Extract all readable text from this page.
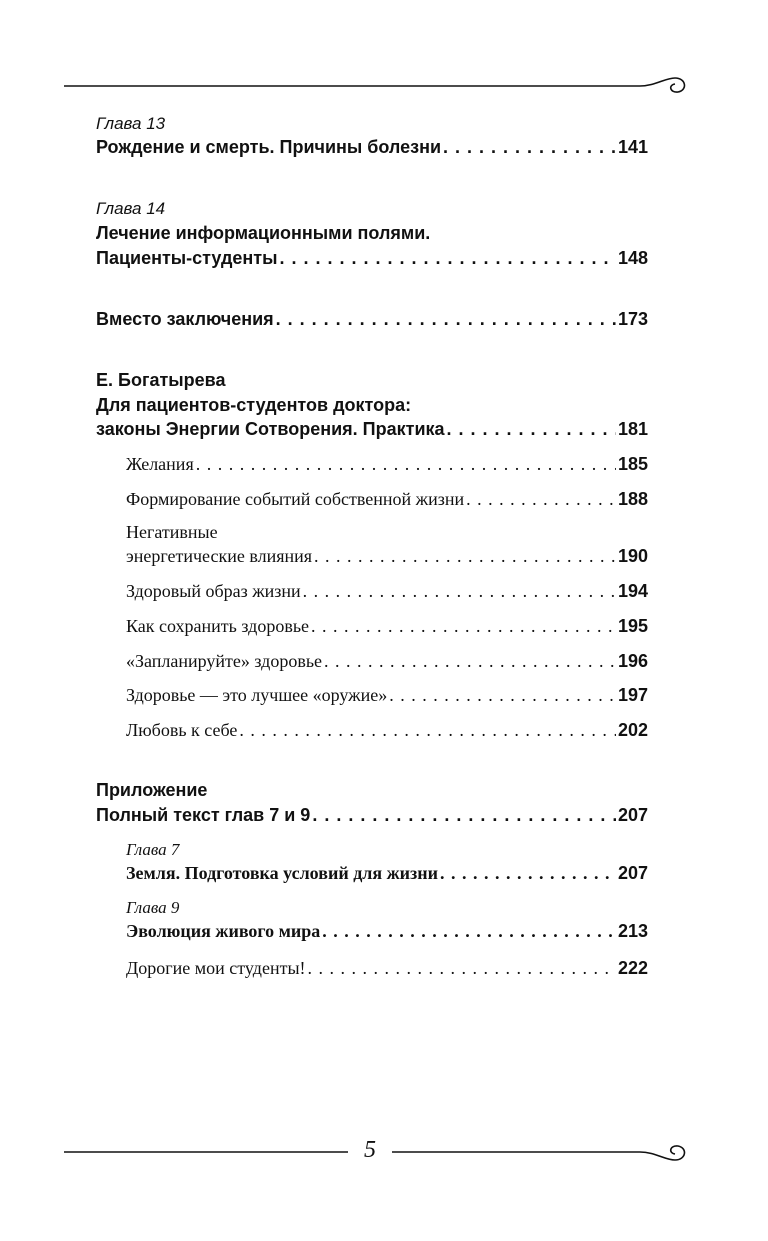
Глава 13
Рождение и смерть. Причины болезни . . .	141
Глава 14
Лечение информационными полями.
Пациенты-студенты . . .	148
Вместо заключения . . .	173
Е. Богатырева
Для пациентов-студентов доктора:
законы Энергии Сотворения. Практика . . .	181
Желания . . .	185
Формирование событий собственной жизни . . .	188
Негативные
энергетические влияния . . .	190
Здоровый образ жизни . . .	194
Как сохранить здоровье . . .	195
«Запланируйте» здоровье . . .	196
Здоровье — это лучшее «оружие» . . .	197
Любовь к себе . . .	202
Приложение
Полный текст глав 7 и 9 . . .	207
Глава 7
Земля. Подготовка условий для жизни . . .	207
Глава 9
Эволюция живого мира . . .	213
Дорогие мои студенты! . . .	222
5
